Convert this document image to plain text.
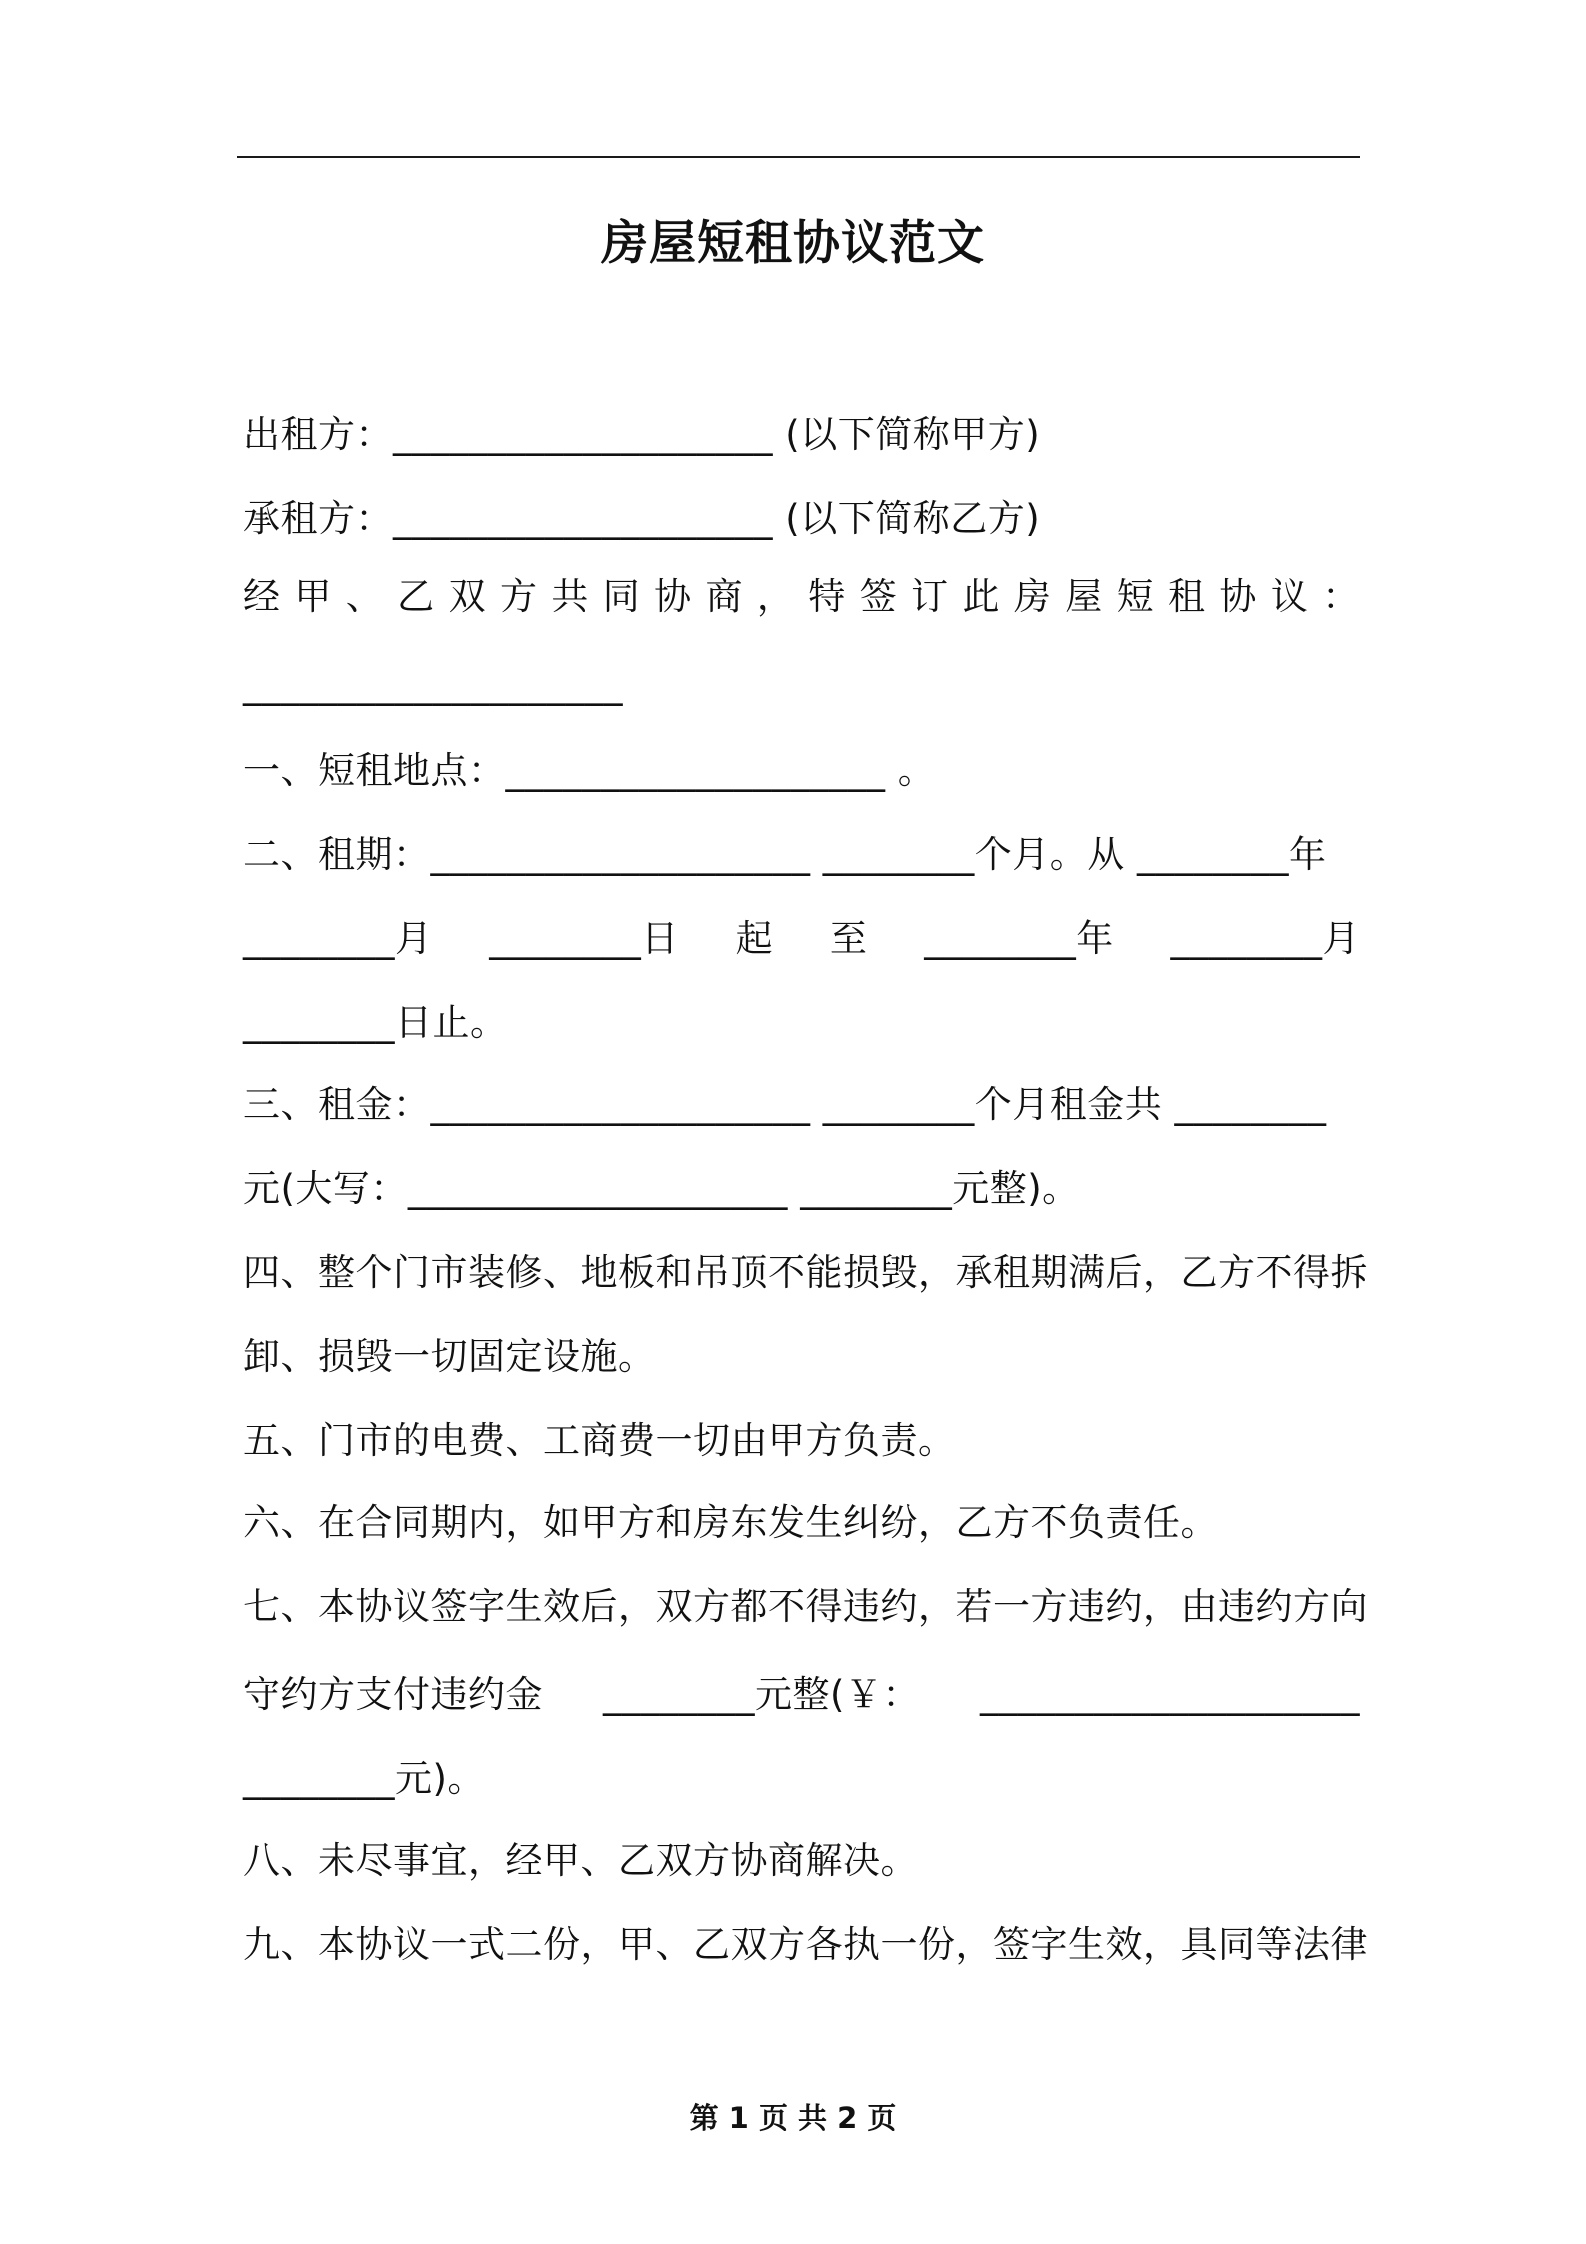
房屋短租协议范文
出租方：____________________ (以下简称甲方)
承租方：____________________ (以下简称乙方)
经 甲 、 乙 双 方 共 同 协 商 ， 特 签 订 此 房 屋 短 租 协 议 ：
____________________
一、短租地点：____________________ 。
二、租期：____________________ ________个月。从 ________年
________月 ________日 起 至 ________年 ________月
________日止。
三、租金：____________________ ________个月租金共 ________
元(大写：____________________ ________元整)。
四、整个门市装修、地板和吊顶不能损毁，承租期满后，乙方不得拆
卸、损毁一切固定设施。
五、门市的电费、工商费一切由甲方负责。
六、在合同期内，如甲方和房东发生纠纷，乙方不负责任。
七、本协议签字生效后，双方都不得违约，若一方违约，由违约方向
守约方支付违约金 ________元整(￥： ____________________
________元)。
八、未尽事宜，经甲、乙双方协商解决。
九、本协议一式二份，甲、乙双方各执一份，签字生效，具同等法律
第 1 页 共 2 页
